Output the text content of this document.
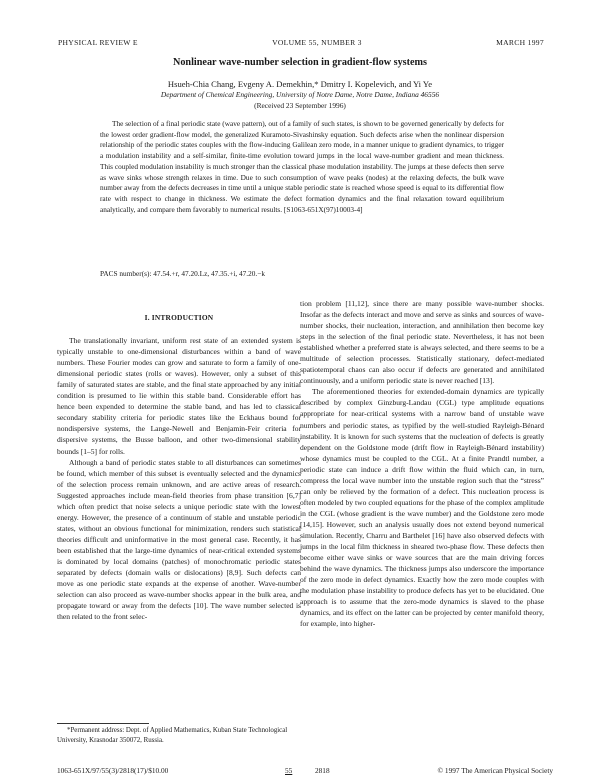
PHYSICAL REVIEW E	VOLUME 55, NUMBER 3	MARCH 1997
Nonlinear wave-number selection in gradient-flow systems
Hsueh-Chia Chang, Evgeny A. Demekhin,* Dmitry I. Kopelevich, and Yi Ye
Department of Chemical Engineering, University of Notre Dame, Notre Dame, Indiana 46556
(Received 23 September 1996)

The selection of a final periodic state (wave pattern), out of a family of such states, is shown to be governed generically by defects for the lowest order gradient-flow model, the generalized Kuramoto-Sivashinsky equation. Such defects arise when the nonlinear dispersion relationship of the periodic states couples with the flow-inducing Galilean zero mode, in a manner unique to gradient dynamics, to trigger a modulation instability and a self-similar, finite-time evolution toward jumps in the local wave-number gradient and mean thickness. This coupled modulation instability is much stronger than the classical phase modulation instability. The jumps at these defects then serve as wave sinks whose strength relaxes in time. Due to such consumption of wave peaks (nodes) at the relaxing defects, the bulk wave number away from the defects decreases in time until a unique stable periodic state is reached whose speed is equal to its differential flow rate with respect to change in thickness. We estimate the defect formation dynamics and the final relaxation toward equilibrium analytically, and compare them favorably to numerical results. [S1063-651X(97)10003-4]

PACS number(s): 47.54.+r, 47.20.Lz, 47.35.+i, 47.20.−k
I. INTRODUCTION

The translationally invariant, uniform rest state of an extended system is typically unstable to one-dimensional disturbances within a band of wave numbers. These Fourier modes can grow and saturate to form a family of one-dimensional periodic states (rolls or waves). However, only a subset of this family of saturated states are stable, and the final state approached by any initial condition is presumed to lie within this stable band. Considerable effort has hence been expended to determine the stable band, and has led to classical secondary stability criteria for periodic states like the Eckhaus bound for nondispersive systems, the Lange-Newell and Benjamin-Feir criteria for dispersive systems, the Busse balloon, and other two-dimensional stability bounds [1–5] for rolls.

Although a band of periodic states stable to all disturbances can sometimes be found, which member of this subset is eventually selected and the dynamics of the selection process remain unknown, and are active areas of research. Suggested approaches include mean-field theories from phase transition [6,7] which often predict that noise selects a unique periodic state with the lowest energy. However, the presence of a continuum of stable and unstable periodic states, without an obvious functional for minimization, renders such statistical theories difficult and uninformative in the most general case. Recently, it has been established that the large-time dynamics of near-critical extended systems is dominated by local domains (patches) of monochromatic periodic states separated by defects (domain walls or dislocations) [8,9]. Such defects can move as one periodic state expands at the expense of another. Wave-number selection can also proceed as wave-number shocks appear in the bulk area, and propagate toward or away from the defects [10]. The wave number selected is then related to the front selec-

tion problem [11,12], since there are many possible wave-number shocks. Insofar as the defects interact and move and serve as sinks and sources of wave-number shocks, their nucleation, interaction, and annihilation then become key steps in the selection of the final periodic state. Nevertheless, it has not been established whether a preferred state is always selected, and there seems to be a multitude of selection processes. Statistically stationary, defect-mediated spatiotemporal chaos can also occur if defects are generated and annihilated continuously, and a uniform periodic state is never reached [13].

The aforementioned theories for extended-domain dynamics are typically described by complex Ginzburg-Landau (CGL) type amplitude equations appropriate for near-critical systems with a narrow band of unstable wave numbers and periodic states, as typified by the well-studied Rayleigh-Bénard instability. It is known for such systems that the nucleation of defects is greatly dependent on the Goldstone mode (drift flow in Rayleigh-Bénard instability) whose dynamics must be coupled to the CGL. At a finite Prandtl number, a periodic state can induce a drift flow within the fluid which can, in turn, compress the local wave number into the unstable region such that the “stress” can only be relieved by the formation of a defect. This nucleation process is often modeled by two coupled equations for the phase of the complex amplitude in the CGL (whose gradient is the wave number) and the Goldstone zero mode [14,15]. However, such an analysis usually does not extend beyond numerical simulation. Recently, Charru and Barthelet [16] have also observed defects with jumps in the local film thickness in sheared two-phase flow. These defects then become either wave sinks or wave sources that are the main driving forces behind the wave dynamics. The thickness jumps also underscore the importance of the zero mode in defect dynamics. Exactly how the zero mode couples with the modulation phase instability to produce defects has yet to be elucidated. One approach is to assume that the zero-mode dynamics is slaved to the phase dynamics, and its effect on the latter can be projected by center manifold theory, for example, into higher-

*Permanent address: Dept. of Applied Mathematics, Kuban State Technological University, Krasnodar 350072, Russia.
1063-651X/97/55(3)/2818(17)/$10.00	55	2818	© 1997 The American Physical Society
